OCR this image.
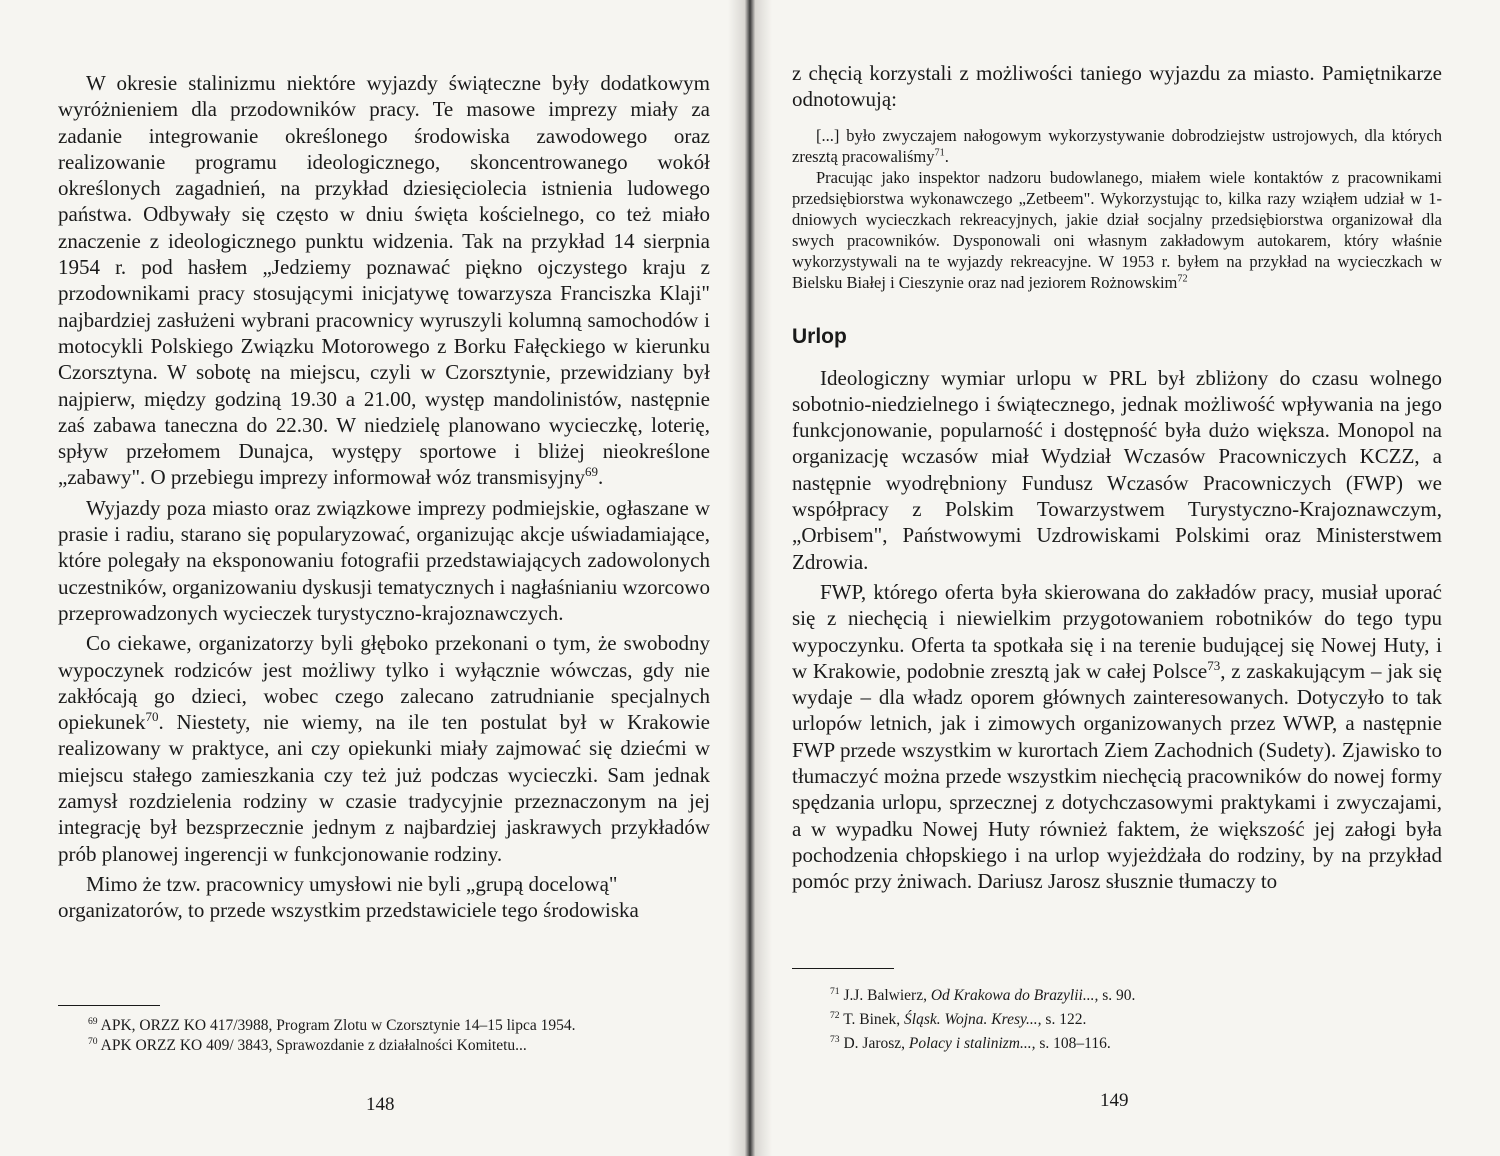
W okresie stalinizmu niektóre wyjazdy świąteczne były dodatkowym wyróżnieniem dla przodowników pracy. Te masowe imprezy miały za zadanie integrowanie określonego środowiska zawodowego oraz realizowanie programu ideologicznego, skoncentrowanego wokół określonych zagadnień, na przykład dziesięciolecia istnienia ludowego państwa. Odbywały się często w dniu święta kościelnego, co też miało znaczenie z ideologicznego punktu widzenia. Tak na przykład 14 sierpnia 1954 r. pod hasłem „Jedziemy poznawać piękno ojczystego kraju z przodownikami pracy stosującymi inicjatywę towarzysza Franciszka Klaji" najbardziej zasłużeni wybrani pracownicy wyruszyli kolumną samochodów i motocykli Polskiego Związku Motorowego z Borku Fałęckiego w kierunku Czorsztyna. W sobotę na miejscu, czyli w Czorsztynie, przewidziany był najpierw, między godziną 19.30 a 21.00, występ mandolinistów, następnie zaś zabawa taneczna do 22.30. W niedzielę planowano wycieczkę, loterię, spływ przełomem Dunajca, występy sportowe i bliżej nieokreślone „zabawy". O przebiegu imprezy informował wóz transmisyjny$^{69}$.

Wyjazdy poza miasto oraz związkowe imprezy podmiejskie, ogłaszane w prasie i radiu, starano się popularyzować, organizując akcje uświadamiające, które polegały na eksponowaniu fotografii przedstawiających zadowolonych uczestników, organizowaniu dyskusji tematycznych i nagłaśnianiu wzorcowo przeprowadzonych wycieczek turystyczno-krajoznawczych.

Co ciekawe, organizatorzy byli głęboko przekonani o tym, że swobodny wypoczynek rodziców jest możliwy tylko i wyłącznie wówczas, gdy nie zakłócają go dzieci, wobec czego zalecano zatrudnianie specjalnych opiekunek$^{70}$. Niestety, nie wiemy, na ile ten postulat był w Krakowie realizowany w praktyce, ani czy opiekunki miały zajmować się dziećmi w miejscu stałego zamieszkania czy też już podczas wycieczki. Sam jednak zamysł rozdzielenia rodziny w czasie tradycyjnie przeznaczonym na jej integrację był bezsprzecznie jednym z najbardziej jaskrawych przykładów prób planowej ingerencji w funkcjonowanie rodziny.

Mimo że tzw. pracownicy umysłowi nie byli „grupą docelową" organizatorów, to przede wszystkim przedstawiciele tego środowiska

$^{69}$ APK, ORZZ KO 417/3988, Program Zlotu w Czorsztynie 14–15 lipca 1954.
$^{70}$ APK ORZZ KO 409/ 3843, Sprawozdanie z działalności Komitetu...
148

z chęcią korzystali z możliwości taniego wyjazdu za miasto. Pamiętnikarze odnotowują:

[...] było zwyczajem nałogowym wykorzystywanie dobrodziejstw ustrojowych, dla których zresztą pracowaliśmy$^{71}$.

Pracując jako inspektor nadzoru budowlanego, miałem wiele kontaktów z pracownikami przedsiębiorstwa wykonawczego „Zetbeem". Wykorzystując to, kilka razy wziąłem udział w 1-dniowych wycieczkach rekreacyjnych, jakie dział socjalny przedsiębiorstwa organizował dla swych pracowników. Dysponowali oni własnym zakładowym autokarem, który właśnie wykorzystywali na te wyjazdy rekreacyjne. W 1953 r. byłem na przykład na wycieczkach w Bielsku Białej i Cieszynie oraz nad jeziorem Rożnowskim$^{72}$

Urlop

Ideologiczny wymiar urlopu w PRL był zbliżony do czasu wolnego sobotnio-niedzielnego i świątecznego, jednak możliwość wpływania na jego funkcjonowanie, popularność i dostępność była dużo większa. Monopol na organizację wczasów miał Wydział Wczasów Pracowniczych KCZZ, a następnie wyodrębniony Fundusz Wczasów Pracowniczych (FWP) we współpracy z Polskim Towarzystwem Turystyczno-Krajoznawczym, „Orbisem", Państwowymi Uzdrowiskami Polskimi oraz Ministerstwem Zdrowia.

FWP, którego oferta była skierowana do zakładów pracy, musiał uporać się z niechęcią i niewielkim przygotowaniem robotników do tego typu wypoczynku. Oferta ta spotkała się i na terenie budującej się Nowej Huty, i w Krakowie, podobnie zresztą jak w całej Polsce$^{73}$, z zaskakującym – jak się wydaje – dla władz oporem głównych zainteresowanych. Dotyczyło to tak urlopów letnich, jak i zimowych organizowanych przez WWP, a następnie FWP przede wszystkim w kurortach Ziem Zachodnich (Sudety). Zjawisko to tłumaczyć można przede wszystkim niechęcią pracowników do nowej formy spędzania urlopu, sprzecznej z dotychczasowymi praktykami i zwyczajami, a w wypadku Nowej Huty również faktem, że większość jej załogi była pochodzenia chłopskiego i na urlop wyjeżdżała do rodziny, by na przykład pomóc przy żniwach. Dariusz Jarosz słusznie tłumaczy to

$^{71}$ J.J. Balwierz, Od Krakowa do Brazylii..., s. 90.
$^{72}$ T. Binek, Śląsk. Wojna. Kresy..., s. 122.
$^{73}$ D. Jarosz, Polacy i stalinizm..., s. 108–116.
149
